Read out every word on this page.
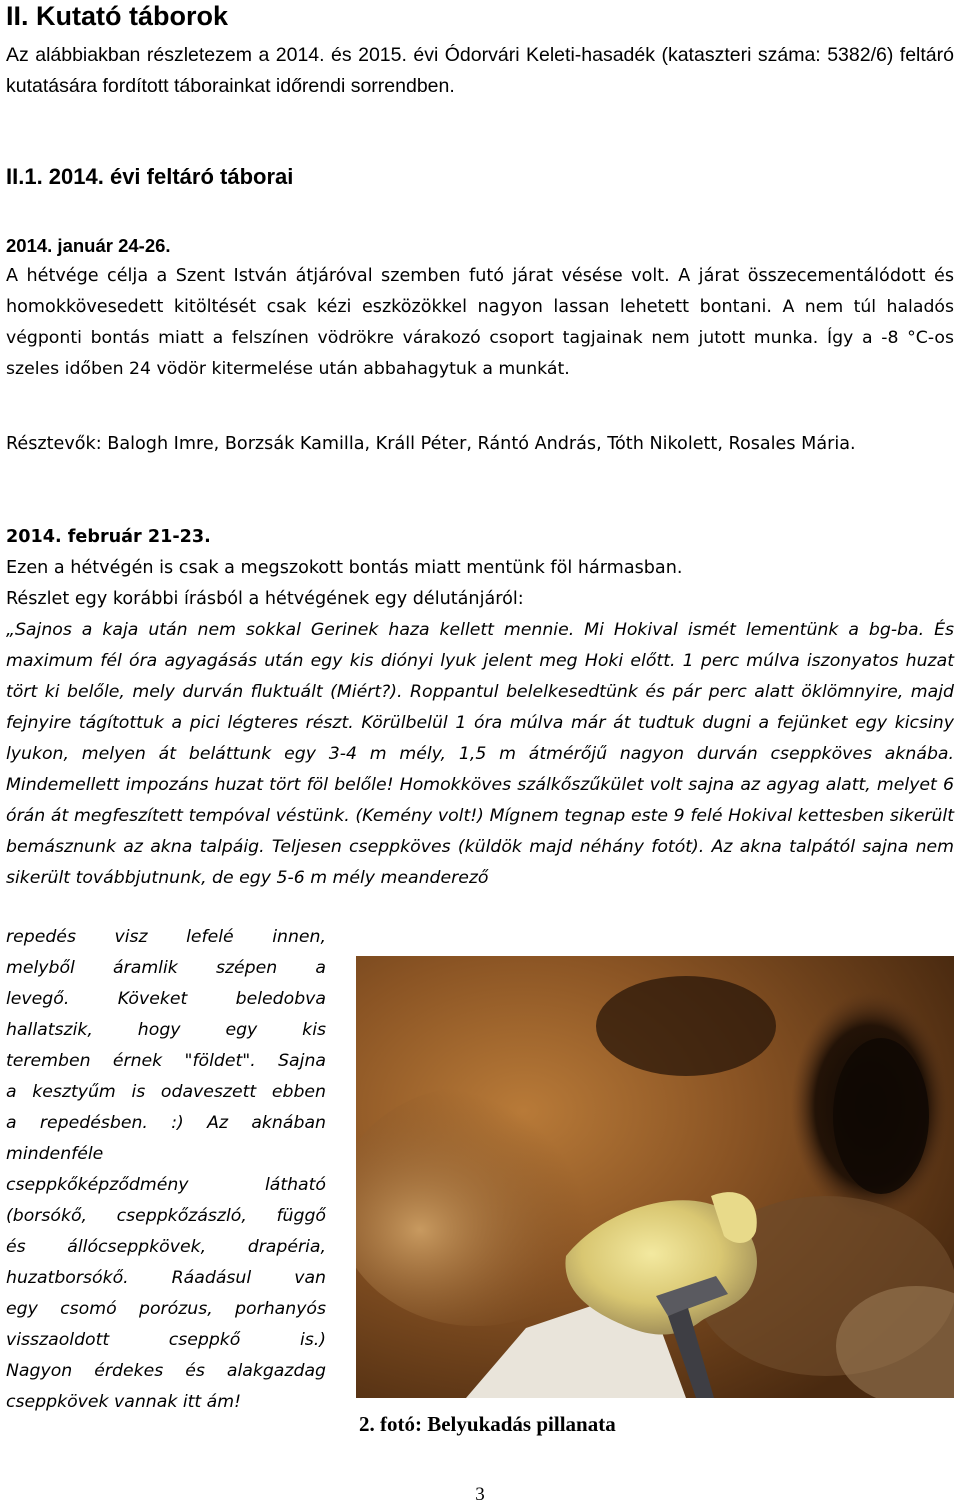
II. Kutató táborok

Az alábbiakban részletezem a 2014. és 2015. évi Ódorvári Keleti-hasadék (kataszteri száma: 5382/6) feltáró kutatására fordított táborainkat időrendi sorrendben.

II.1. 2014. évi feltáró táborai

2014. január 24-26.

A hétvége célja a Szent István átjáróval szemben futó járat vésése volt. A járat összecementálódott és homokkövesedett kitöltését csak kézi eszközökkel nagyon lassan lehetett bontani. A nem túl haladós végponti bontás miatt a felszínen vödrökre várakozó csoport tagjainak nem jutott munka. Így a -8 °C-os szeles időben 24 vödör kitermelése után abbahagytuk a munkát.

Résztevők: Balogh Imre, Borzsák Kamilla, Králl Péter, Rántó András, Tóth Nikolett, Rosales Mária.

2014. február 21-23.

Ezen a hétvégén is csak a megszokott bontás miatt mentünk föl hármasban.

Részlet egy korábbi írásból a hétvégének egy délutánjáról:

„Sajnos a kaja után nem sokkal Gerinek haza kellett mennie. Mi Hokival ismét lementünk a bg-ba. És maximum fél óra agyagásás után egy kis diónyi lyuk jelent meg Hoki előtt. 1 perc múlva iszonyatos huzat tört ki belőle, mely durván fluktuált (Miért?). Roppantul belelkesedtünk és pár perc alatt öklömnyire, majd fejnyire tágítottuk a pici légteres részt. Körülbelül 1 óra múlva már át tudtuk dugni a fejünket egy kicsiny lyukon, melyen át beláttunk egy 3-4 m mély, 1,5 m átmérőjű nagyon durván cseppköves aknába. Mindemellett impozáns huzat tört föl belőle! Homokköves szálkőszűkület volt sajna az agyag alatt, melyet 6 órán át megfeszített tempóval véstünk. (Kemény volt!) Mígnem tegnap este 9 felé Hokival kettesben sikerült bemásznunk az akna talpáig. Teljesen cseppköves (küldök majd néhány fotót). Az akna talpától sajna nem sikerült továbbjutnunk, de egy 5-6 m mély meanderező

repedés visz lefelé innen,
melyből áramlik szépen a
levegő. Köveket beledobva
hallatszik, hogy egy kis
teremben érnek "földet". Sajna
a kesztyűm is odaveszett ebben
a repedésben. :) Az aknában
mindenféle
cseppkőképződmény látható
(borsókő, cseppkőzászló, függő
és állócseppkövek, drapéria,
huzatborsókő. Ráadásul van
egy csomó porózus, porhanyós
visszaoldott cseppkő is.)
Nagyon érdekes és alakgazdag
cseppkövek vannak itt ám!
2. fotó: Belyukadás pillanata
3
